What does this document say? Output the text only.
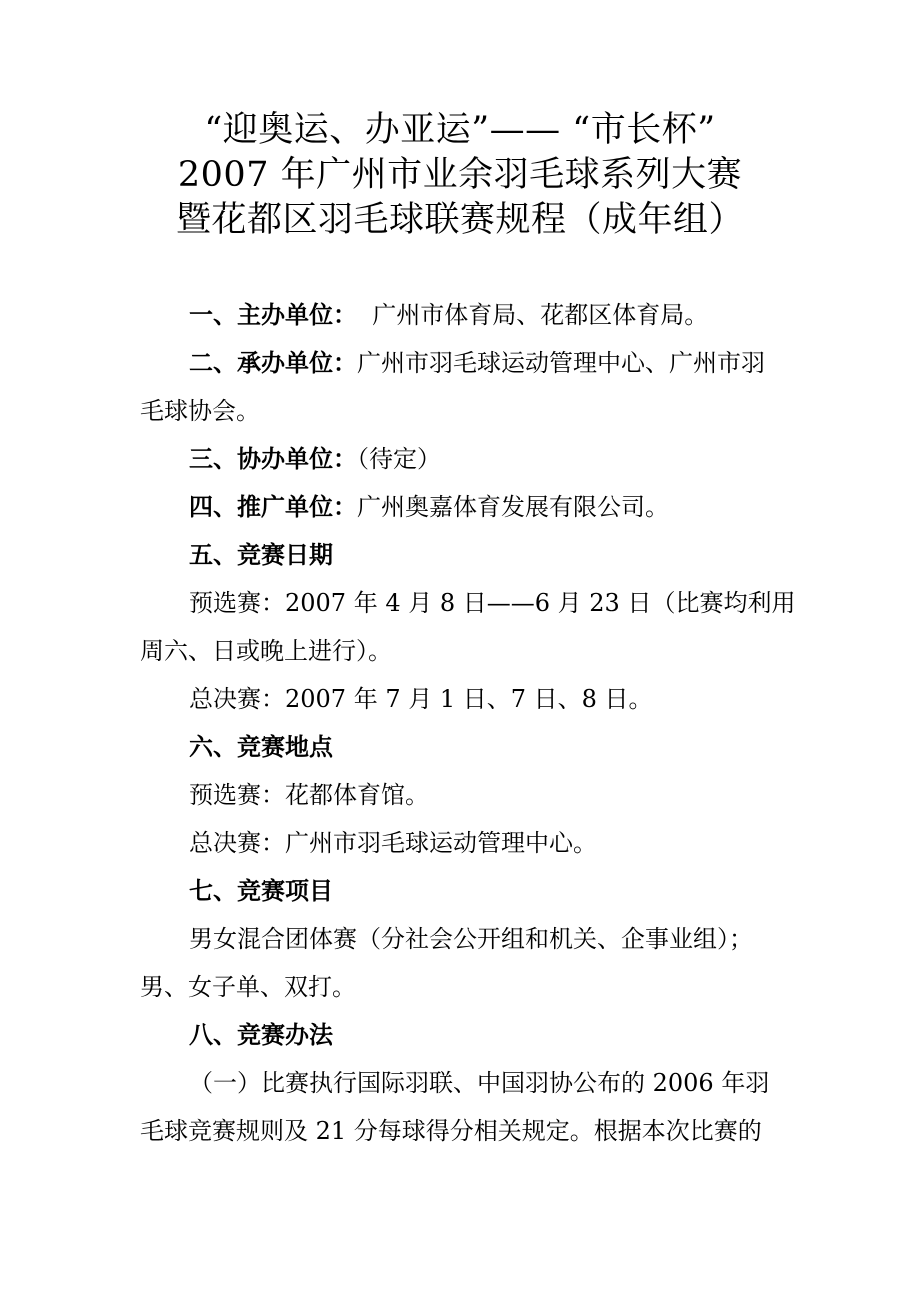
“迎奥运、办亚运”—— “市长杯”
2007 年广州市业余羽毛球系列大赛
暨花都区羽毛球联赛规程（成年组）
一、主办单位：  广州市体育局、花都区体育局。
二、承办单位：广州市羽毛球运动管理中心、广州市羽
毛球协会。
三、协办单位：（待定）
四、推广单位：广州奥嘉体育发展有限公司。
五、竞赛日期
预选赛：2007 年 4 月 8 日——6 月 23 日（比赛均利用
周六、日或晚上进行）。
总决赛：2007 年 7 月 1 日、7 日、8 日。
六、竞赛地点
预选赛：花都体育馆。
总决赛：广州市羽毛球运动管理中心。
七、竞赛项目
男女混合团体赛（分社会公开组和机关、企事业组）；
男、女子单、双打。
八、竞赛办法
（一）比赛执行国际羽联、中国羽协公布的 2006 年羽
毛球竞赛规则及 21 分每球得分相关规定。根据本次比赛的
